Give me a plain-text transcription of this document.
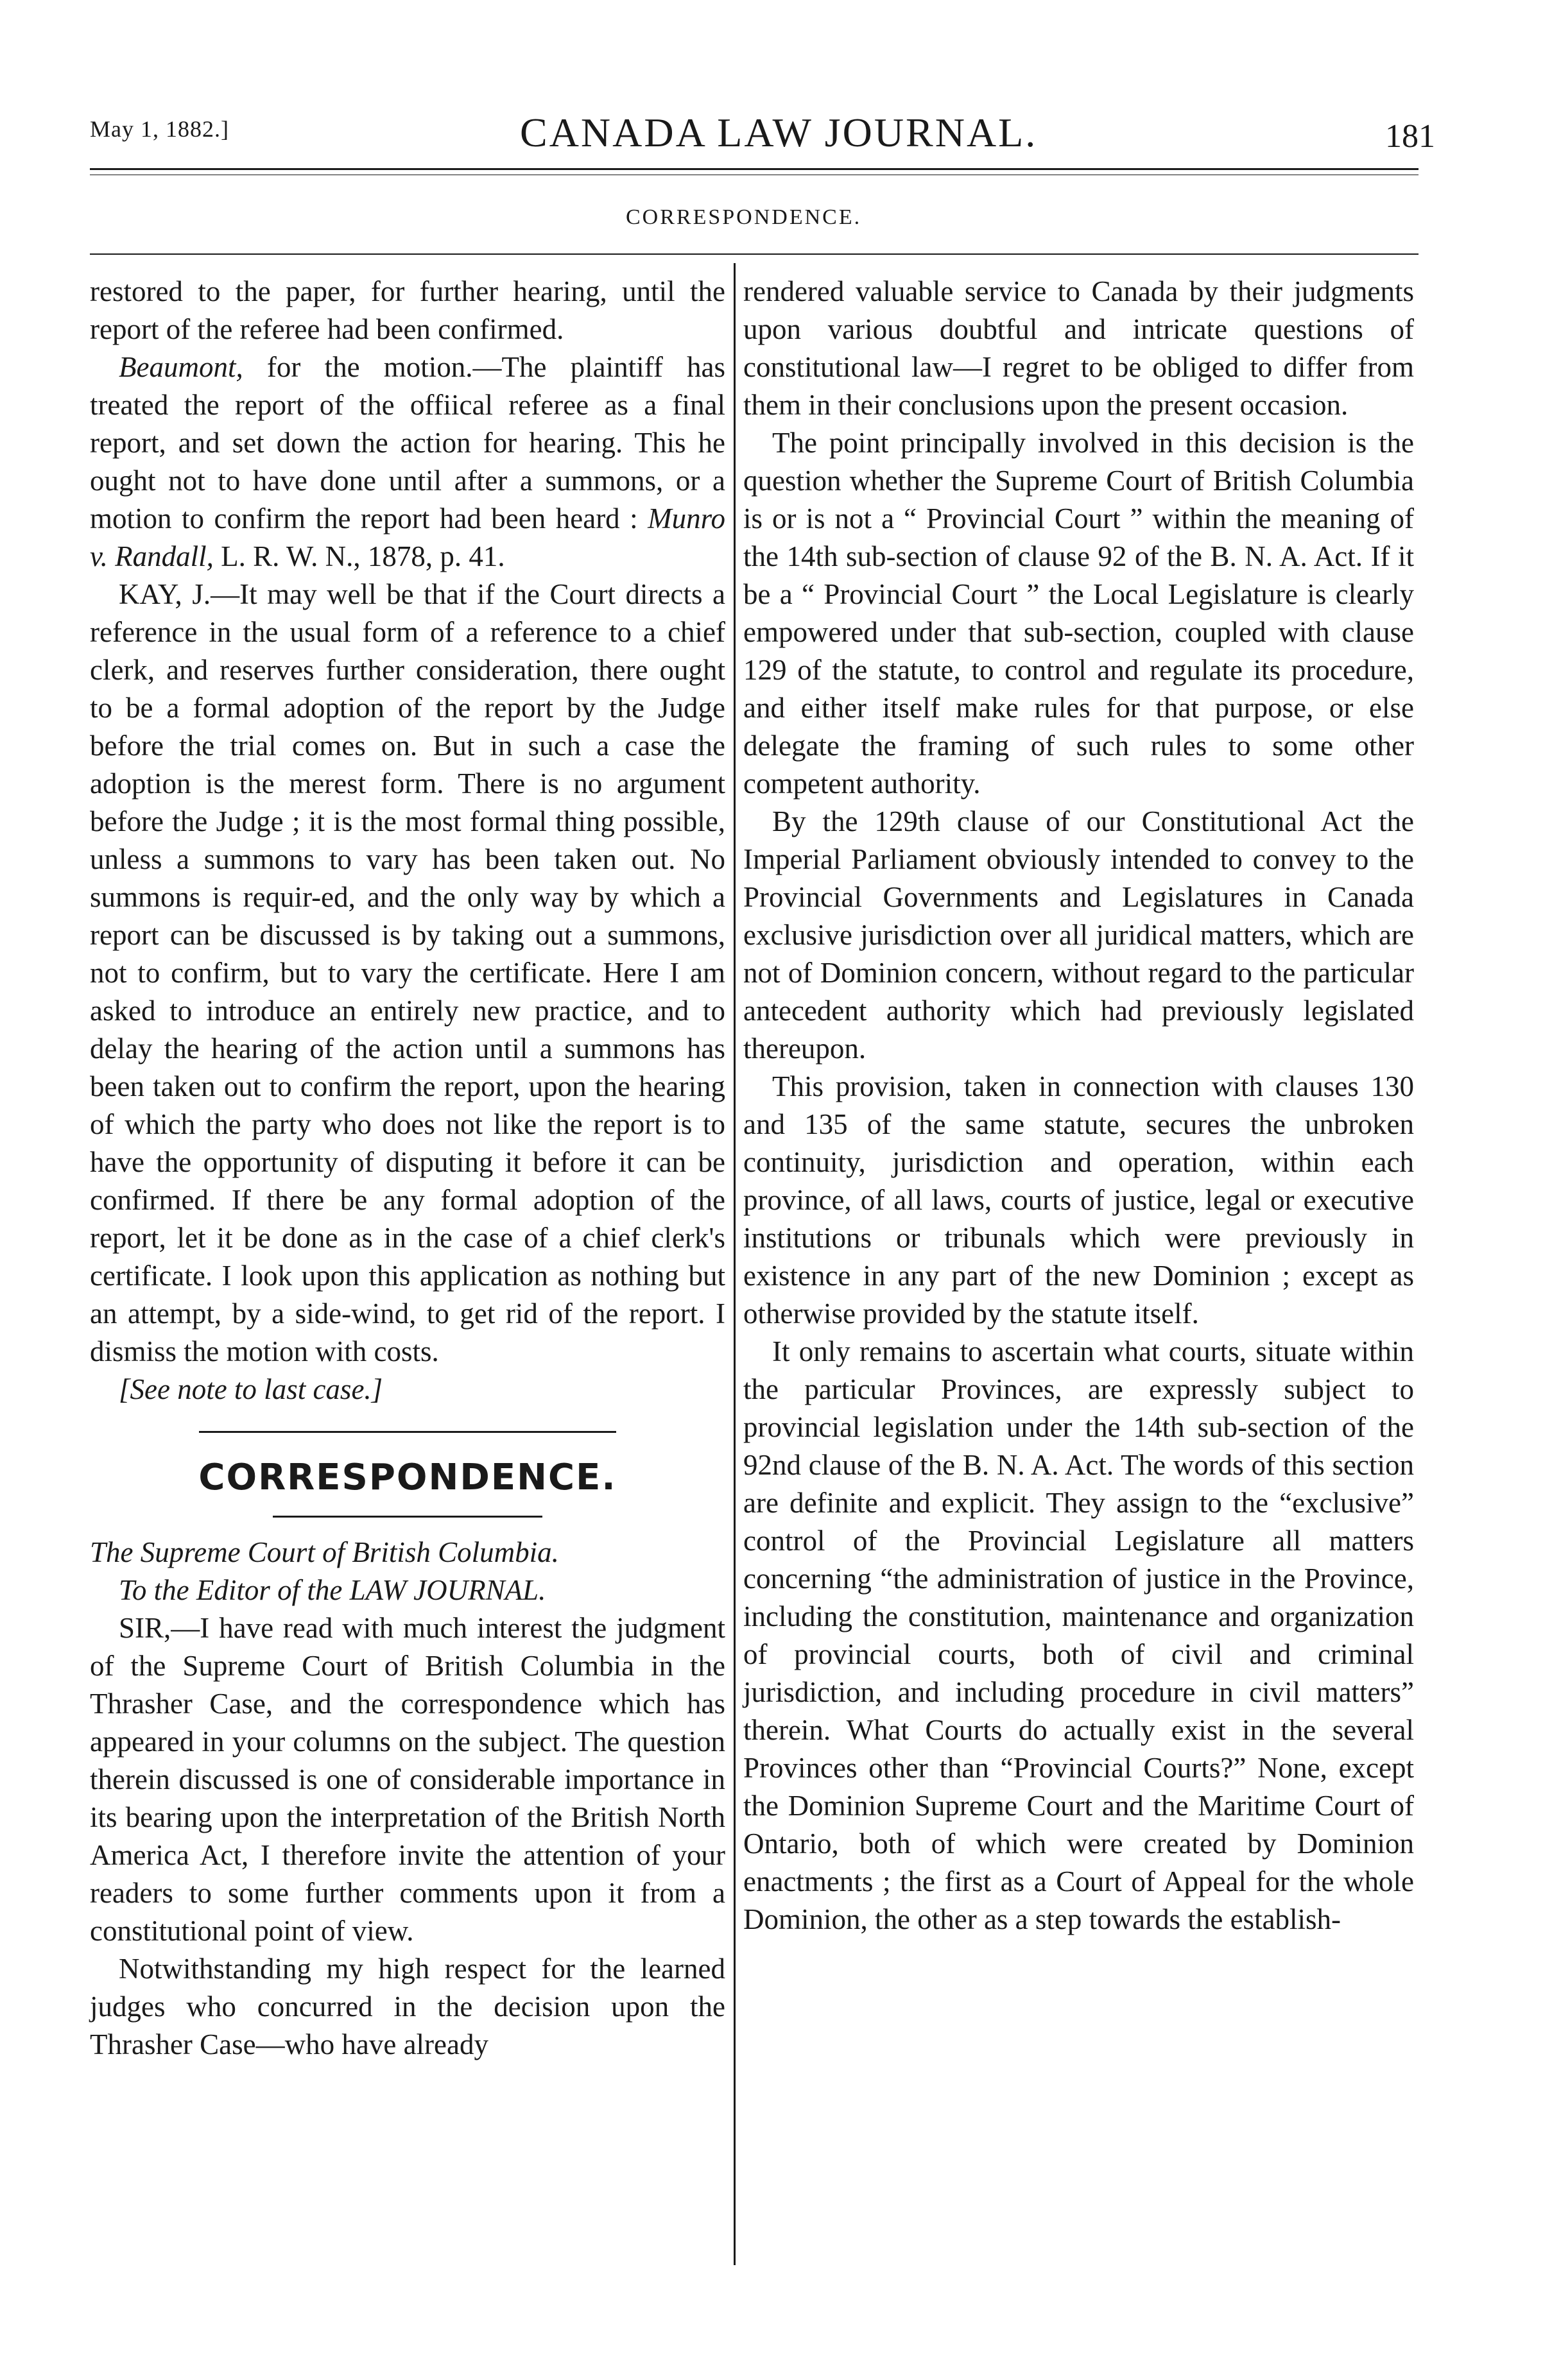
May 1, 1882.]	CANADA LAW JOURNAL.	181
CORRESPONDENCE.

restored to the paper, for further hearing, until the report of the referee had been confirmed.

Beaumont, for the motion.—The plaintiff has treated the report of the offiical referee as a final report, and set down the action for hearing. This he ought not to have done until after a summons, or a motion to confirm the report had been heard : Munro v. Randall, L. R. W. N., 1878, p. 41.

KAY, J.—It may well be that if the Court directs a reference in the usual form of a reference to a chief clerk, and reserves further consideration, there ought to be a formal adoption of the report by the Judge before the trial comes on. But in such a case the adoption is the merest form. There is no argument before the Judge ; it is the most formal thing possible, unless a summons to vary has been taken out. No summons is requir-ed, and the only way by which a report can be discussed is by taking out a summons, not to confirm, but to vary the certificate. Here I am asked to introduce an entirely new practice, and to delay the hearing of the action until a summons has been taken out to confirm the report, upon the hearing of which the party who does not like the report is to have the opportunity of disputing it before it can be confirmed. If there be any formal adoption of the report, let it be done as in the case of a chief clerk's certificate. I look upon this application as nothing but an attempt, by a side-wind, to get rid of the report. I dismiss the motion with costs.

[See note to last case.]

CORRESPONDENCE.

The Supreme Court of British Columbia.

To the Editor of the LAW JOURNAL.

SIR,—I have read with much interest the judgment of the Supreme Court of British Columbia in the Thrasher Case, and the correspondence which has appeared in your columns on the subject. The question therein discussed is one of considerable importance in its bearing upon the interpretation of the British North America Act, I therefore invite the attention of your readers to some further comments upon it from a constitutional point of view.

Notwithstanding my high respect for the learned judges who concurred in the decision upon the Thrasher Case—who have already

rendered valuable service to Canada by their judgments upon various doubtful and intricate questions of constitutional law—I regret to be obliged to differ from them in their conclusions upon the present occasion.

The point principally involved in this decision is the question whether the Supreme Court of British Columbia is or is not a “ Provincial Court ” within the meaning of the 14th sub-section of clause 92 of the B. N. A. Act. If it be a “ Provincial Court ” the Local Legislature is clearly empowered under that sub-section, coupled with clause 129 of the statute, to control and regulate its procedure, and either itself make rules for that purpose, or else delegate the framing of such rules to some other competent authority.

By the 129th clause of our Constitutional Act the Imperial Parliament obviously intended to convey to the Provincial Governments and Legislatures in Canada exclusive jurisdiction over all juridical matters, which are not of Dominion concern, without regard to the particular antecedent authority which had previously legislated thereupon.

This provision, taken in connection with clauses 130 and 135 of the same statute, secures the unbroken continuity, jurisdiction and operation, within each province, of all laws, courts of justice, legal or executive institutions or tribunals which were previously in existence in any part of the new Dominion ; except as otherwise provided by the statute itself.

It only remains to ascertain what courts, situate within the particular Provinces, are expressly subject to provincial legislation under the 14th sub-section of the 92nd clause of the B. N. A. Act. The words of this section are definite and explicit. They assign to the “exclusive” control of the Provincial Legislature all matters concerning “the administration of justice in the Province, including the constitution, maintenance and organization of provincial courts, both of civil and criminal jurisdiction, and including procedure in civil matters” therein. What Courts do actually exist in the several Provinces other than “Provincial Courts?” None, except the Dominion Supreme Court and the Maritime Court of Ontario, both of which were created by Dominion enactments ; the first as a Court of Appeal for the whole Dominion, the other as a step towards the establish-
